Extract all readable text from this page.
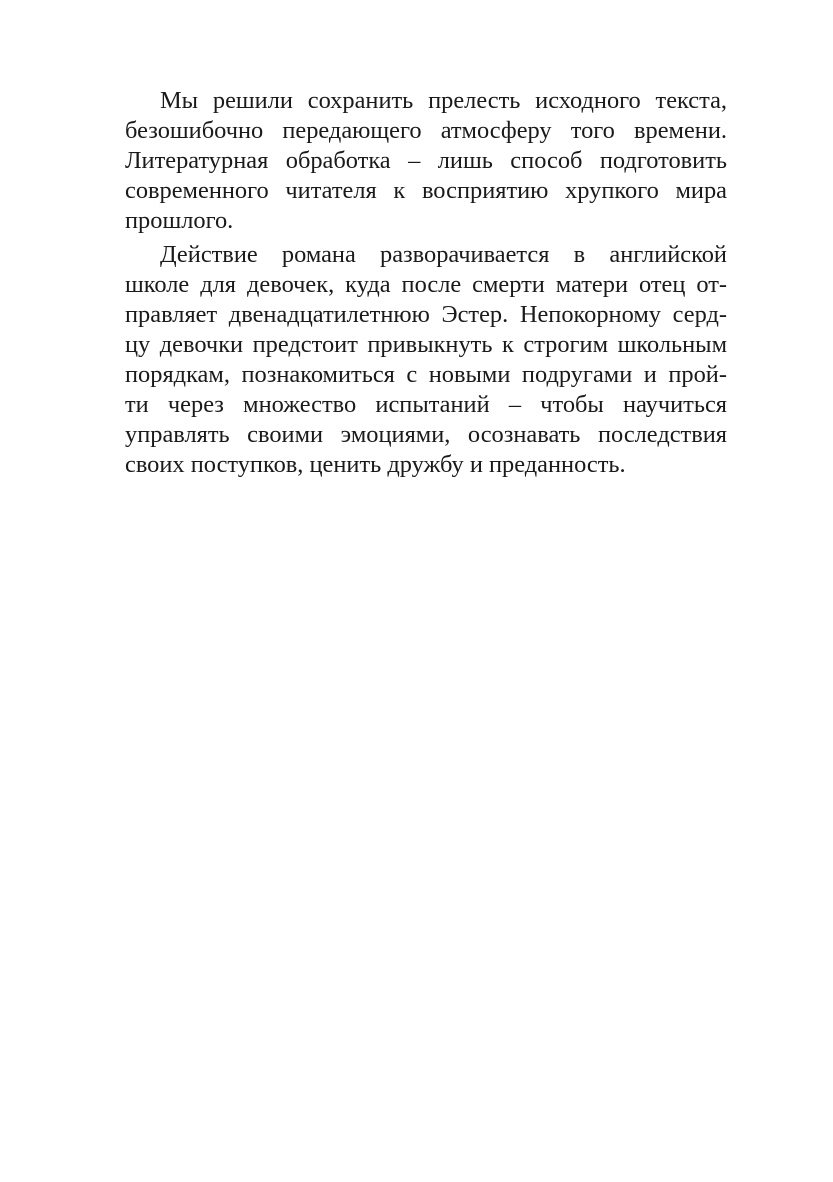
Мы решили сохранить прелесть исходного текста,
безошибочно передающего атмосферу того времени.
Литературная обработка – лишь способ подготовить
современного читателя к восприятию хрупкого мира
прошлого.
Действие романа разворачивается в английской
школе для девочек, куда после смерти матери отец от-
правляет двенадцатилетнюю Эстер. Непокорному серд-
цу девочки предстоит привыкнуть к строгим школьным
порядкам, познакомиться с новыми подругами и прой-
ти через множество испытаний – чтобы научиться
управлять своими эмоциями, осознавать последствия
своих поступков, ценить дружбу и преданность.
